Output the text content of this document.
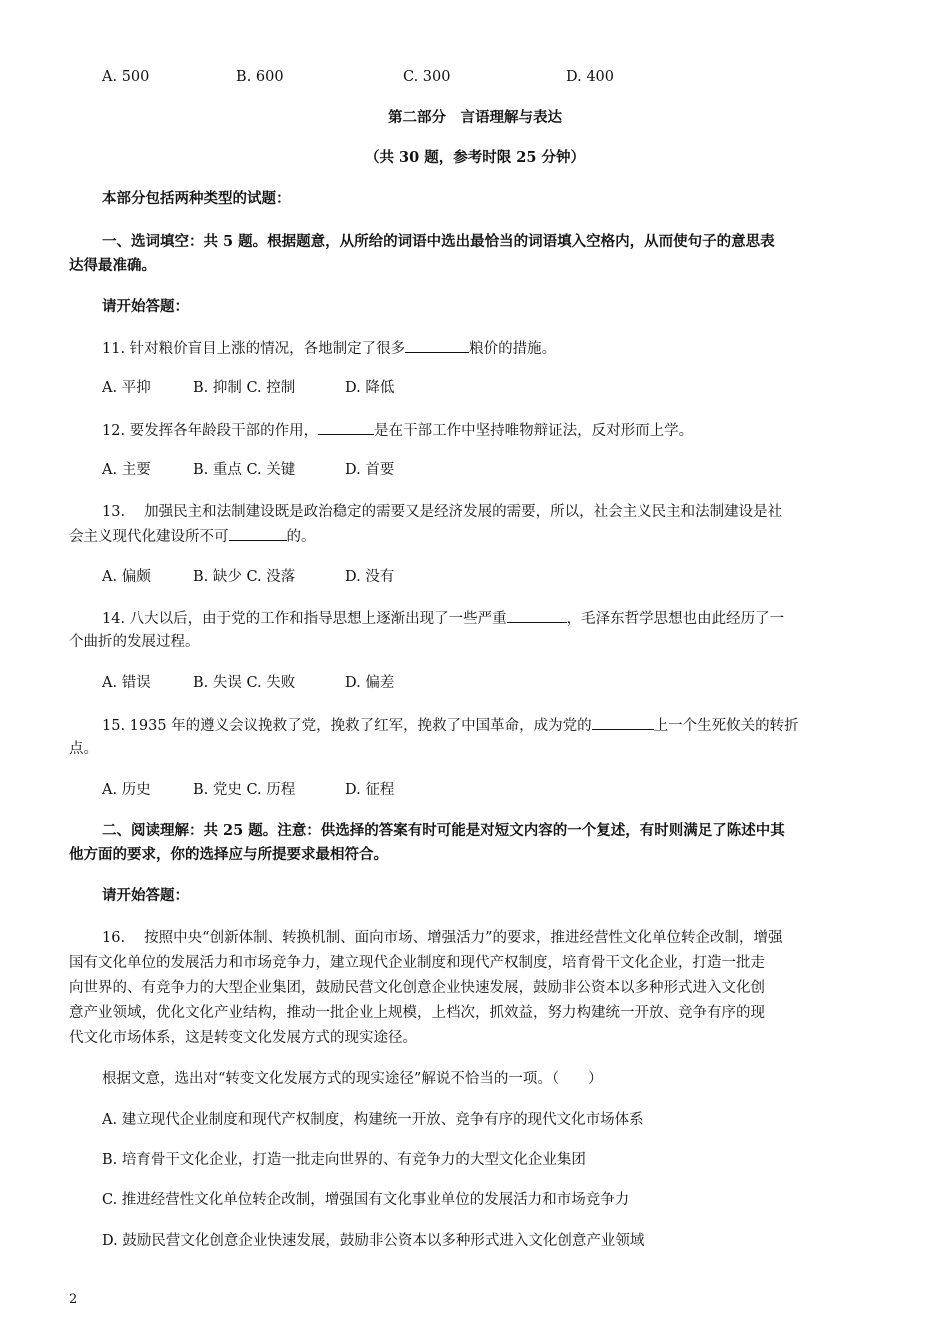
A. 500	B. 600	C. 300	D. 400
第二部分　言语理解与表达
（共 30 题，参考时限 25 分钟）
本部分包括两种类型的试题：
一、选词填空：共 5 题。根据题意，从所给的词语中选出最恰当的词语填入空格内，从而使句子的意思表
达得最准确。
请开始答题：
11. 针对粮价盲目上涨的情况，各地制定了很多	粮价的措施。
A. 平抑	B. 抑制 C. 控制	D. 降低
12. 要发挥各年龄段干部的作用，	是在干部工作中坚持唯物辩证法，反对形而上学。
A. 主要	B. 重点 C. 关键	D. 首要
13.　 加强民主和法制建设既是政治稳定的需要又是经济发展的需要，所以，社会主义民主和法制建设是社
会主义现代化建设所不可	的。
A. 偏颇	B. 缺少 C. 没落	D. 没有
14. 八大以后，由于党的工作和指导思想上逐渐出现了一些严重	，毛泽东哲学思想也由此经历了一
个曲折的发展过程。
A. 错误	B. 失误 C. 失败	D. 偏差
15. 1935 年的遵义会议挽救了党，挽救了红军，挽救了中国革命，成为党的	上一个生死攸关的转折
点。
A. 历史	B. 党史 C. 历程	D. 征程
二、阅读理解：共 25 题。注意：供选择的答案有时可能是对短文内容的一个复述，有时则满足了陈述中其
他方面的要求，你的选择应与所提要求最相符合。
请开始答题：
16.　 按照中央“创新体制、转换机制、面向市场、增强活力”的要求，推进经营性文化单位转企改制，增强
国有文化单位的发展活力和市场竞争力，建立现代企业制度和现代产权制度，培育骨干文化企业，打造一批走
向世界的、有竞争力的大型企业集团，鼓励民营文化创意企业快速发展，鼓励非公资本以多种形式进入文化创
意产业领域，优化文化产业结构，推动一批企业上规模，上档次，抓效益，努力构建统一开放、竞争有序的现
代文化市场体系，这是转变文化发展方式的现实途径。
根据文意，选出对“转变文化发展方式的现实途径”解说不恰当的一项。（　　）
A. 建立现代企业制度和现代产权制度，构建统一开放、竞争有序的现代文化市场体系
B. 培育骨干文化企业，打造一批走向世界的、有竞争力的大型文化企业集团
C. 推进经营性文化单位转企改制，增强国有文化事业单位的发展活力和市场竞争力
D. 鼓励民营文化创意企业快速发展，鼓励非公资本以多种形式进入文化创意产业领域
2
